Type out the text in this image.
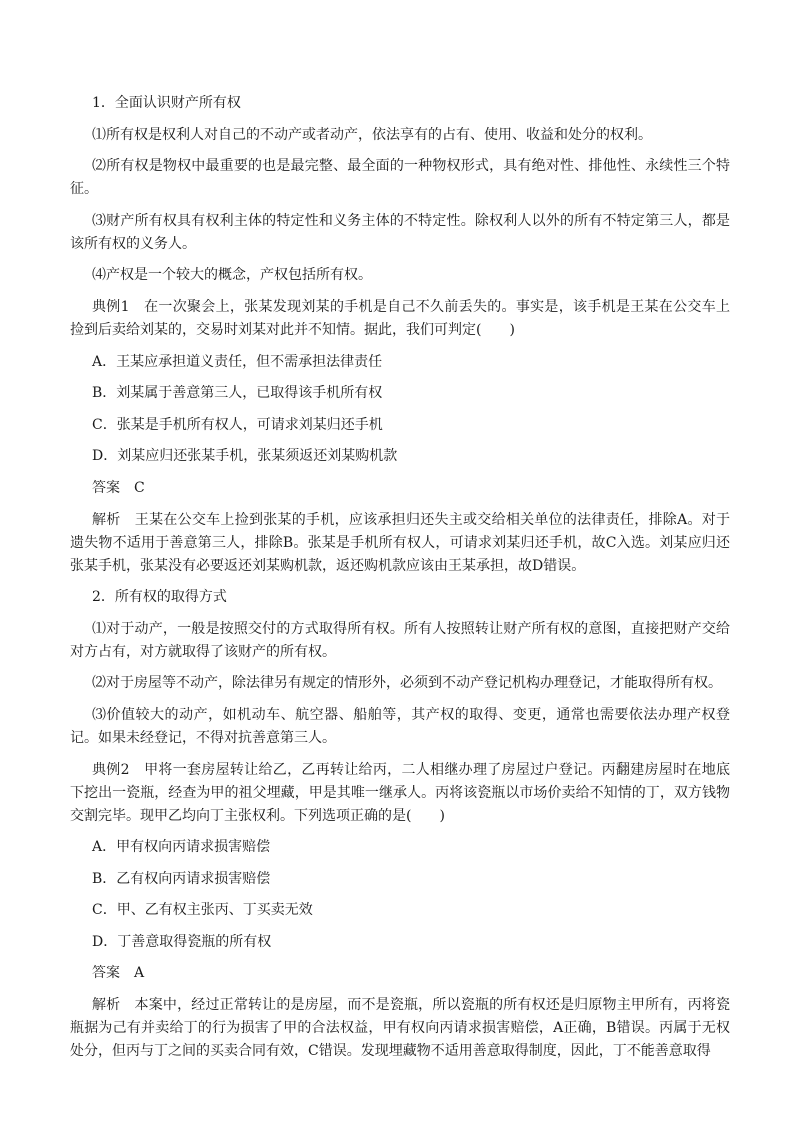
1．全面认识财产所有权

⑴所有权是权利人对自己的不动产或者动产，依法享有的占有、使用、收益和处分的权利。

⑵所有权是物权中最重要的也是最完整、最全面的一种物权形式，具有绝对性、排他性、永续性三个特征。

⑶财产所有权具有权利主体的特定性和义务主体的不特定性。除权利人以外的所有不特定第三人，都是该所有权的义务人。

⑷产权是一个较大的概念，产权包括所有权。

典例1　在一次聚会上，张某发现刘某的手机是自己不久前丢失的。事实是，该手机是王某在公交车上捡到后卖给刘某的，交易时刘某对此并不知情。据此，我们可判定(　　)

A．王某应承担道义责任，但不需承担法律责任

B．刘某属于善意第三人，已取得该手机所有权

C．张某是手机所有权人，可请求刘某归还手机

D．刘某应归还张某手机，张某须返还刘某购机款

答案　C

解析　王某在公交车上捡到张某的手机，应该承担归还失主或交给相关单位的法律责任，排除A。对于遗失物不适用于善意第三人，排除B。张某是手机所有权人，可请求刘某归还手机，故C入选。刘某应归还张某手机，张某没有必要返还刘某购机款，返还购机款应该由王某承担，故D错误。

2．所有权的取得方式

⑴对于动产，一般是按照交付的方式取得所有权。所有人按照转让财产所有权的意图，直接把财产交给对方占有，对方就取得了该财产的所有权。

⑵对于房屋等不动产，除法律另有规定的情形外，必须到不动产登记机构办理登记，才能取得所有权。

⑶价值较大的动产，如机动车、航空器、船舶等，其产权的取得、变更，通常也需要依法办理产权登记。如果未经登记，不得对抗善意第三人。

典例2　甲将一套房屋转让给乙，乙再转让给丙，二人相继办理了房屋过户登记。丙翻建房屋时在地底下挖出一瓷瓶，经查为甲的祖父埋藏，甲是其唯一继承人。丙将该瓷瓶以市场价卖给不知情的丁，双方钱物交割完毕。现甲乙均向丁主张权利。下列选项正确的是(　　)

A．甲有权向丙请求损害赔偿

B．乙有权向丙请求损害赔偿

C．甲、乙有权主张丙、丁买卖无效

D．丁善意取得瓷瓶的所有权

答案　A

解析　本案中，经过正常转让的是房屋，而不是瓷瓶，所以瓷瓶的所有权还是归原物主甲所有，丙将瓷瓶据为己有并卖给丁的行为损害了甲的合法权益，甲有权向丙请求损害赔偿，A正确，B错误。丙属于无权处分，但丙与丁之间的买卖合同有效，C错误。发现埋藏物不适用善意取得制度，因此，丁不能善意取得
